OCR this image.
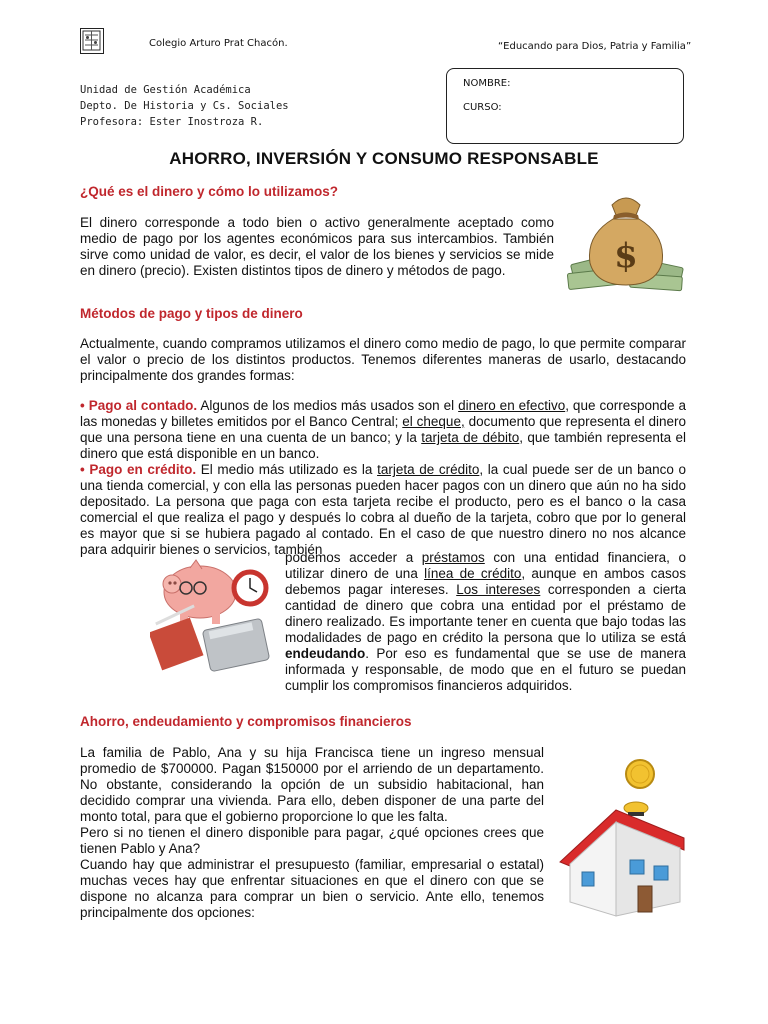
Colegio Arturo Prat Chacón.	“Educando para Dios, Patria y Familia”
Unidad de Gestión Académica
Depto. De Historia y Cs. Sociales
Profesora: Ester Inostroza R.
NOMBRE:
CURSO:
AHORRO, INVERSIÓN Y CONSUMO RESPONSABLE
¿Qué es el dinero y cómo lo utilizamos?
El dinero corresponde a todo bien o activo generalmente aceptado como medio de pago por los agentes económicos para sus intercambios. También sirve como unidad de valor, es decir, el valor de los bienes y servicios se mide en dinero (precio). Existen distintos tipos de dinero y métodos de pago.	$
Métodos de pago y tipos de dinero
Actualmente, cuando compramos utilizamos el dinero como medio de pago, lo que permite comparar el valor o precio de los distintos productos. Tenemos diferentes maneras de usarlo, destacando principalmente dos grandes formas:
• Pago al contado. Algunos de los medios más usados son el dinero en efectivo, que corresponde a las monedas y billetes emitidos por el Banco Central; el cheque, documento que representa el dinero que una persona tiene en una cuenta de un banco; y la tarjeta de débito, que también representa el dinero que está disponible en un banco.
• Pago en crédito. El medio más utilizado es la tarjeta de crédito, la cual puede ser de un banco o una tienda comercial, y con ella las personas pueden hacer pagos con un dinero que aún no ha sido depositado. La persona que paga con esta tarjeta recibe el producto, pero es el banco o la casa comercial el que realiza el pago y después lo cobra al dueño de la tarjeta, cobro que por lo general es mayor que si se hubiera pagado al contado. En el caso de que nuestro dinero no nos alcance para adquirir bienes o servicios, también
podemos acceder a préstamos con una entidad financiera, o utilizar dinero de una línea de crédito, aunque en ambos casos debemos pagar intereses. Los intereses corresponden a cierta cantidad de dinero que cobra una entidad por el préstamo de dinero realizado. Es importante tener en cuenta que bajo todas las modalidades de pago en crédito la persona que lo utiliza se está endeudando. Por eso es fundamental que se use de manera informada y responsable, de modo que en el futuro se puedan cumplir los compromisos financieros adquiridos.
Ahorro, endeudamiento y compromisos financieros
La familia de Pablo, Ana y su hija Francisca tiene un ingreso mensual promedio de $700000. Pagan $150000 por el arriendo de un departamento. No obstante, considerando la opción de un subsidio habitacional, han decidido comprar una vivienda. Para ello, deben disponer de una parte del monto total, para que el gobierno proporcione lo que les falta.
Pero si no tienen el dinero disponible para pagar, ¿qué opciones crees que tienen Pablo y Ana?
Cuando hay que administrar el presupuesto (familiar, empresarial o estatal) muchas veces hay que enfrentar situaciones en que el dinero con que se dispone no alcanza para comprar un bien o servicio. Ante ello, tenemos principalmente dos opciones:
